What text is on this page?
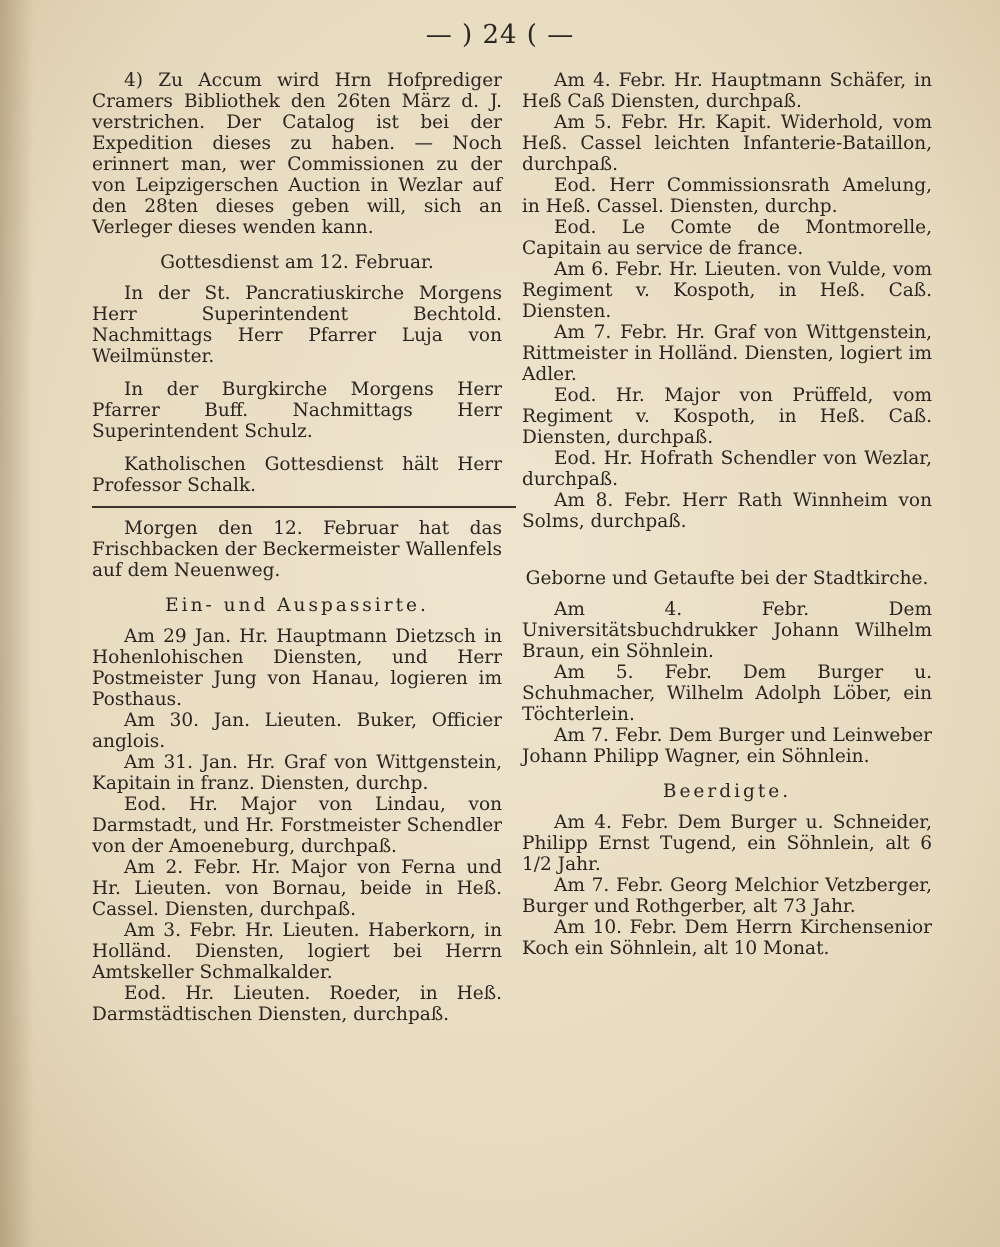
— ) 24 ( —

4) Zu Accum wird Hrn Hofprediger Cramers Bibliothek den 26ten März d. J. verstrichen. Der Catalog ist bei der Expedition dieses zu haben. — Noch erinnert man, wer Commissionen zu der von Leipzigerschen Auction in Wezlar auf den 28ten dieses geben will, sich an Verleger dieses wenden kann.

Gottesdienst am 12. Februar.

In der St. Pancratiuskirche Morgens Herr Superintendent Bechtold. Nachmittags Herr Pfarrer Luja von Weilmünster.

In der Burgkirche Morgens Herr Pfarrer Buff. Nachmittags Herr Superintendent Schulz.

Katholischen Gottesdienst hält Herr Professor Schalk.

Morgen den 12. Februar hat das Frischbacken der Beckermeister Wallenfels auf dem Neuenweg.

Ein- und Auspassirte.

Am 29 Jan. Hr. Hauptmann Dietzsch in Hohenlohischen Diensten, und Herr Postmeister Jung von Hanau, logieren im Posthaus.

Am 30. Jan. Lieuten. Buker, Officier anglois.

Am 31. Jan. Hr. Graf von Wittgenstein, Kapitain in franz. Diensten, durchp.

Eod. Hr. Major von Lindau, von Darmstadt, und Hr. Forstmeister Schendler von der Amoeneburg, durchpaß.

Am 2. Febr. Hr. Major von Ferna und Hr. Lieuten. von Bornau, beide in Heß. Cassel. Diensten, durchpaß.

Am 3. Febr. Hr. Lieuten. Haberkorn, in Holländ. Diensten, logiert bei Herrn Amtskeller Schmalkalder.

Eod. Hr. Lieuten. Roeder, in Heß. Darmstädtischen Diensten, durchpaß.

Am 4. Febr. Hr. Hauptmann Schäfer, in Heß Caß Diensten, durchpaß.

Am 5. Febr. Hr. Kapit. Widerhold, vom Heß. Cassel leichten Infanterie-Bataillon, durchpaß.

Eod. Herr Commissionsrath Amelung, in Heß. Cassel. Diensten, durchp.

Eod. Le Comte de Montmorelle, Capitain au service de france.

Am 6. Febr. Hr. Lieuten. von Vulde, vom Regiment v. Kospoth, in Heß. Caß. Diensten.

Am 7. Febr. Hr. Graf von Wittgenstein, Rittmeister in Holländ. Diensten, logiert im Adler.

Eod. Hr. Major von Prüffeld, vom Regiment v. Kospoth, in Heß. Caß. Diensten, durchpaß.

Eod. Hr. Hofrath Schendler von Wezlar, durchpaß.

Am 8. Febr. Herr Rath Winnheim von Solms, durchpaß.

Geborne und Getaufte bei der Stadtkirche.

Am 4. Febr. Dem Universitätsbuchdrukker Johann Wilhelm Braun, ein Söhnlein.

Am 5. Febr. Dem Burger u. Schuhmacher, Wilhelm Adolph Löber, ein Töchterlein.

Am 7. Febr. Dem Burger und Leinweber Johann Philipp Wagner, ein Söhnlein.

Beerdigte.

Am 4. Febr. Dem Burger u. Schneider, Philipp Ernst Tugend, ein Söhnlein, alt 6 1/2 Jahr.

Am 7. Febr. Georg Melchior Vetzberger, Burger und Rothgerber, alt 73 Jahr.

Am 10. Febr. Dem Herrn Kirchensenior Koch ein Söhnlein, alt 10 Monat.
